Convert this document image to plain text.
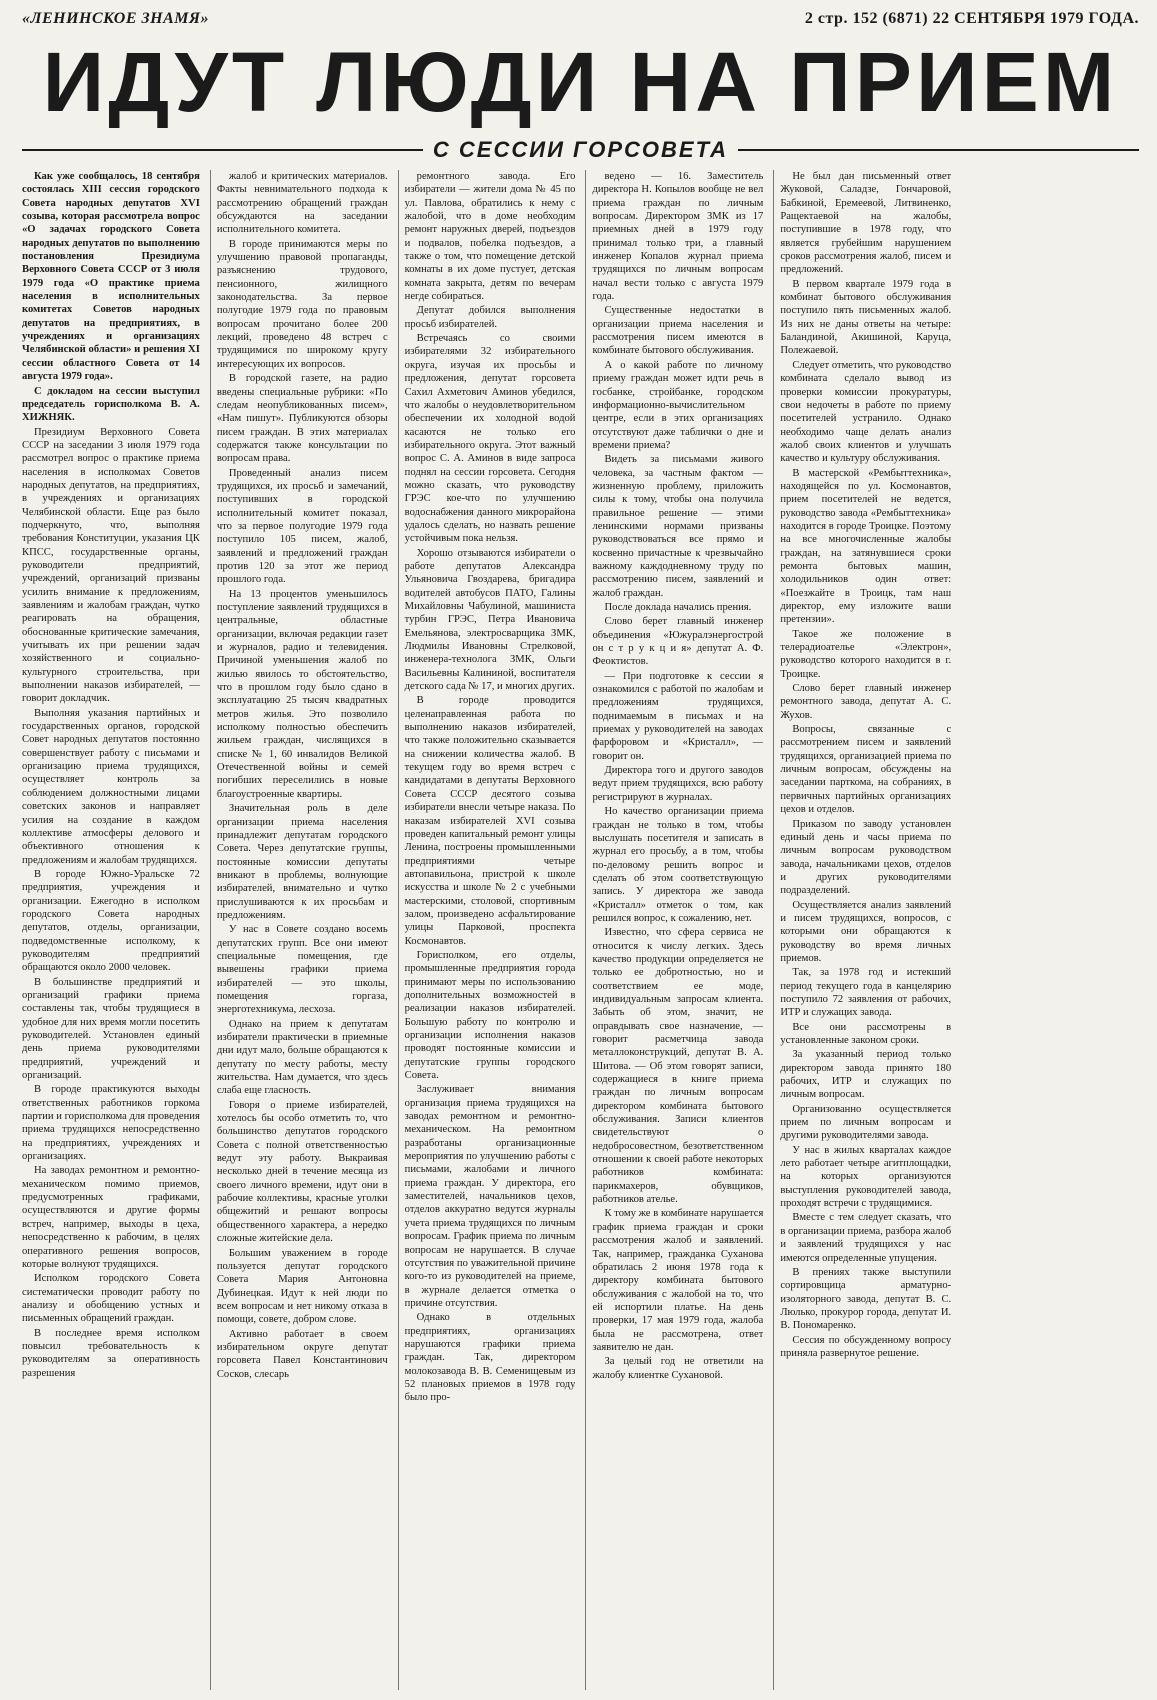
«ЛЕНИНСКОЕ ЗНАМЯ»	2 стр. 152 (6871) 22 СЕНТЯБРЯ 1979 ГОДА.
ИДУТ ЛЮДИ НА ПРИЕМ
С СЕССИИ ГОРСОВЕТА

Как уже сообщалось, 18 сентября состоялась XIII сессия городского Совета народных депутатов XVI созыва, которая рассмотрела вопрос «О задачах городского Совета народных депутатов по выполнению постановления Президиума Верховного Совета СССР от 3 июля 1979 года «О практике приема населения в исполнительных комитетах Советов народных депутатов на предприятиях, в учреждениях и организациях Челябинской области» и решения XI сессии областного Совета от 14 августа 1979 года».

С докладом на сессии выступил председатель горисполкома В. А. ХИЖНЯК.

Президиум Верховного Совета СССР на заседании 3 июля 1979 года рассмотрел вопрос о практике приема населения в исполкомах Советов народных депутатов, на предприятиях, в учреждениях и организациях Челябинской области. Еще раз было подчеркнуто, что, выполняя требования Конституции, указания ЦК КПСС, государственные органы, руководители предприятий, учреждений, организаций призваны усилить внимание к предложениям, заявлениям и жалобам граждан, чутко реагировать на обращения, обоснованные критические замечания, учитывать их при решении задач хозяйственного и социально-культурного строительства, при выполнении наказов избирателей, — говорит докладчик.

Выполняя указания партийных и государственных органов, городской Совет народных депутатов постоянно совершенствует работу с письмами и организацию приема трудящихся, осуществляет контроль за соблюдением должностными лицами советских законов и направляет усилия на создание в каждом коллективе атмосферы делового и объективного отношения к предложениям и жалобам трудящихся.

В городе Южно-Уральске 72 предприятия, учреждения и организации. Ежегодно в исполком городского Совета народных депутатов, отделы, организации, подведомственные исполкому, к руководителям предприятий обращаются около 2000 человек.

В большинстве предприятий и организаций графики приема составлены так, чтобы трудящиеся в удобное для них время могли посетить руководителей. Установлен единый день приема руководителями предприятий, учреждений и организаций.

В городе практикуются выходы ответственных работников горкома партии и горисполкома для проведения приема трудящихся непосредственно на предприятиях, учреждениях и организациях.

На заводах ремонтном и ремонтно-механическом помимо приемов, предусмотренных графиками, осуществляются и другие формы встреч, например, выходы в цеха, непосредственно к рабочим, в целях оперативного решения вопросов, которые волнуют трудящихся.

Исполком городского Совета систематически проводит работу по анализу и обобщению устных и письменных обращений граждан.

В последнее время исполком повысил требовательность к руководителям за оперативность разрешения

жалоб и критических материалов. Факты невнимательного подхода к рассмотрению обращений граждан обсуждаются на заседании исполнительного комитета.

В городе принимаются меры по улучшению правовой пропаганды, разъяснению трудового, пенсионного, жилищного законодательства. За первое полугодие 1979 года по правовым вопросам прочитано более 200 лекций, проведено 48 встреч с трудящимися по широкому кругу интересующих их вопросов.

В городской газете, на радио введены специальные рубрики: «По следам неопубликованных писем», «Нам пишут». Публикуются обзоры писем граждан. В этих материалах содержатся также консультации по вопросам права.

Проведенный анализ писем трудящихся, их просьб и замечаний, поступивших в городской исполнительный комитет показал, что за первое полугодие 1979 года поступило 105 писем, жалоб, заявлений и предложений граждан против 120 за этот же период прошлого года.

На 13 процентов уменьшилось поступление заявлений трудящихся в центральные, областные организации, включая редакции газет и журналов, радио и телевидения. Причиной уменьшения жалоб по жилью явилось то обстоятельство, что в прошлом году было сдано в эксплуатацию 25 тысяч квадратных метров жилья. Это позволило исполкому полностью обеспечить жильем граждан, числящихся в списке № 1, 60 инвалидов Великой Отечественной войны и семей погибших переселились в новые благоустроенные квартиры.

Значительная роль в деле организации приема населения принадлежит депутатам городского Совета. Через депутатские группы, постоянные комиссии депутаты вникают в проблемы, волнующие избирателей, внимательно и чутко прислушиваются к их просьбам и предложениям.

У нас в Совете создано восемь депутатских групп. Все они имеют специальные помещения, где вывешены графики приема избирателей — это школы, помещения горгаза, энерготехникума, лесхоза.

Однако на прием к депутатам избиратели практически в приемные дни идут мало, больше обращаются к депутату по месту работы, месту жительства. Нам думается, что здесь слаба еще гласность.

Говоря о приеме избирателей, хотелось бы особо отметить то, что большинство депутатов городского Совета с полной ответственностью ведут эту работу. Выкраивая несколько дней в течение месяца из своего личного времени, идут они в рабочие коллективы, красные уголки общежитий и решают вопросы общественного характера, а нередко сложные житейские дела.

Большим уважением в городе пользуется депутат городского Совета Мария Антоновна Дубинецкая. Идут к ней люди по всем вопросам и нет никому отказа в помощи, совете, добром слове.

Активно работает в своем избирательном округе депутат горсовета Павел Константинович Сосков, слесарь

ремонтного завода. Его избиратели — жители дома № 45 по ул. Павлова, обратились к нему с жалобой, что в доме необходим ремонт наружных дверей, подъездов и подвалов, побелка подъездов, а также о том, что помещение детской комнаты в их доме пустует, детская комната закрыта, детям по вечерам негде собираться.

Депутат добился выполнения просьб избирателей.

Встречаясь со своими избирателями 32 избирательного округа, изучая их просьбы и предложения, депутат горсовета Сахил Ахметович Аминов убедился, что жалобы о неудовлетворительном обеспечении их холодной водой касаются не только его избирательного округа. Этот важный вопрос С. А. Аминов в виде запроса поднял на сессии горсовета. Сегодня можно сказать, что руководству ГРЭС кое-что по улучшению водоснабжения данного микрорайона удалось сделать, но назвать решение устойчивым пока нельзя.

Хорошо отзываются избиратели о работе депутатов Александра Ульяновича Гвоздарева, бригадира водителей автобусов ПАТО, Галины Михайловны Чабулиной, машиниста турбин ГРЭС, Петра Ивановича Емельянова, электросварщика ЗМК, Людмилы Ивановны Стрелковой, инженера-технолога ЗМК, Ольги Васильевны Калининой, воспитателя детского сада № 17, и многих других.

В городе проводится целенаправленная работа по выполнению наказов избирателей, что также положительно сказывается на снижении количества жалоб. В текущем году во время встреч с кандидатами в депутаты Верховного Совета СССР десятого созыва избиратели внесли четыре наказа. По наказам избирателей XVI созыва проведен капитальный ремонт улицы Ленина, построены промышленными предприятиями четыре автопавильона, пристрой к школе искусства и школе № 2 с учебными мастерскими, столовой, спортивным залом, произведено асфальтирование улицы Парковой, проспекта Космонавтов.

Горисполком, его отделы, промышленные предприятия города принимают меры по использованию дополнительных возможностей в реализации наказов избирателей. Большую работу по контролю и организации исполнения наказов проводят постоянные комиссии и депутатские группы городского Совета.

Заслуживает внимания организация приема трудящихся на заводах ремонтном и ремонтно-механическом. На ремонтном разработаны организационные мероприятия по улучшению работы с письмами, жалобами и личного приема граждан. У директора, его заместителей, начальников цехов, отделов аккуратно ведутся журналы учета приема трудящихся по личным вопросам. График приема по личным вопросам не нарушается. В случае отсутствия по уважительной причине кого-то из руководителей на приеме, в журнале делается отметка о причине отсутствия.

Однако в отдельных предприятиях, организациях нарушаются графики приема граждан. Так, директором молокозавода В. В. Семенищевым из 52 плановых приемов в 1978 году было про-

ведено — 16. Заместитель директора Н. Копылов вообще не вел приема граждан по личным вопросам. Директором ЗМК из 17 приемных дней в 1979 году принимал только три, а главный инженер Копалов журнал приема трудящихся по личным вопросам начал вести только с августа 1979 года.

Существенные недостатки в организации приема населения и рассмотрения писем имеются в комбинате бытового обслуживания.

А о какой работе по личному приему граждан может идти речь в госбанке, стройбанке, городском информационно-вычислительном центре, если в этих организациях отсутствуют даже таблички о дне и времени приема?

Видеть за письмами живого человека, за частным фактом — жизненную проблему, приложить силы к тому, чтобы она получила правильное решение — этими ленинскими нормами призваны руководствоваться все прямо и косвенно причастные к чрезвычайно важному каждодневному труду по рассмотрению писем, заявлений и жалоб граждан.

После доклада начались прения.

Слово берет главный инженер объединения «Южуралэнергострой он с т р у к ц и я» депутат А. Ф. Феоктистов.

— При подготовке к сессии я ознакомился с работой по жалобам и предложениям трудящихся, поднимаемым в письмах и на приемах у руководителей на заводах фарфоровом и «Кристалл», — говорит он.

Директора того и другого заводов ведут прием трудящихся, всю работу регистрируют в журналах.

Но качество организации приема граждан не только в том, чтобы выслушать посетителя и записать в журнал его просьбу, а в том, чтобы по-деловому решить вопрос и сделать об этом соответствующую запись. У директора же завода «Кристалл» отметок о том, как решился вопрос, к сожалению, нет.

Известно, что сфера сервиса не относится к числу легких. Здесь качество продукции определяется не только ее добротностью, но и соответствием ее моде, индивидуальным запросам клиента. Забыть об этом, значит, не оправдывать свое назначение, — говорит раcметчица завода металлоконструкций, депутат В. А. Шитова. — Об этом говорят записи, содержащиеся в книге приема граждан по личным вопросам директором комбината бытового обслуживания. Записи клиентов свидетельствуют о недобросовестном, безответственном отношении к своей работе некоторых работников комбината: парикмахеров, обувщиков, работников ателье.

К тому же в комбинате нарушается график приема граждан и сроки рассмотрения жалоб и заявлений. Так, например, гражданка Суханова обратилась 2 июня 1978 года к директору комбината бытового обслуживания с жалобой на то, что ей испортили платье. На день проверки, 17 мая 1979 года, жалоба была не рассмотрена, ответ заявителю не дан.

За целый год не ответили на жалобу клиентке Сухановой.

Не был дан письменный ответ Жуковой, Саладзе, Гончаровой, Бабкиной, Еремеевой, Литвиненко, Ращектаевой на жалобы, поступившие в 1978 году, что является грубейшим нарушением сроков рассмотрения жалоб, писем и предложений.

В первом квартале 1979 года в комбинат бытового обслуживания поступило пять письменных жалоб. Из них не даны ответы на четыре: Баландиной, Акишиной, Каруца, Полежаевой.

Следует отметить, что руководство комбината сделало вывод из проверки комиссии прокуратуры, свои недочеты в работе по приему посетителей устранило. Однако необходимо чаще делать анализ жалоб своих клиентов и улучшать качество и культуру обслуживания.

В мастерской «Рембыттехника», находящейся по ул. Космонавтов, прием посетителей не ведется, руководство завода «Рембыттехника» находится в городе Троицке. Поэтому на все многочисленные жалобы граждан, на затянувшиеся сроки ремонта бытовых машин, холодильников один ответ: «Поезжайте в Троицк, там наш директор, ему изложите ваши претензии».

Такое же положение в телерадиоателье «Электрон», руководство которого находится в г. Троицке.

Слово берет главный инженер ремонтного завода, депутат А. С. Жухов.

Вопросы, связанные с рассмотрением писем и заявлений трудящихся, организацией приема по личным вопросам, обсуждены на заседании парткома, на собраниях, в первичных партийных организациях цехов и отделов.

Приказом по заводу установлен единый день и часы приема по личным вопросам руководством завода, начальниками цехов, отделов и других руководителями подразделений.

Осуществляется анализ заявлений и писем трудящихся, вопросов, с которыми они обращаются к руководству во время личных приемов.

Так, за 1978 год и истекший период текущего года в канцелярию поступило 72 заявления от рабочих, ИТР и служащих завода.

Все они рассмотрены в установленные законом сроки.

За указанный период только директором завода принято 180 рабочих, ИТР и служащих по личным вопросам.

Организованно осуществляется прием по личным вопросам и другими руководителями завода.

У нас в жилых кварталах каждое лето работает четыре агитплощадки, на которых организуются выступления руководителей завода, проходят встречи с трудящимися.

Вместе с тем следует сказать, что в организации приема, разбора жалоб и заявлений трудящихся у нас имеются определенные упущения.

В прениях также выступили сортировщица арматурно-изоляторного завода, депутат В. С. Люлько, прокурор города, депутат И. В. Пономаренко.

Сессия по обсужденному вопросу приняла развернутое решение.
